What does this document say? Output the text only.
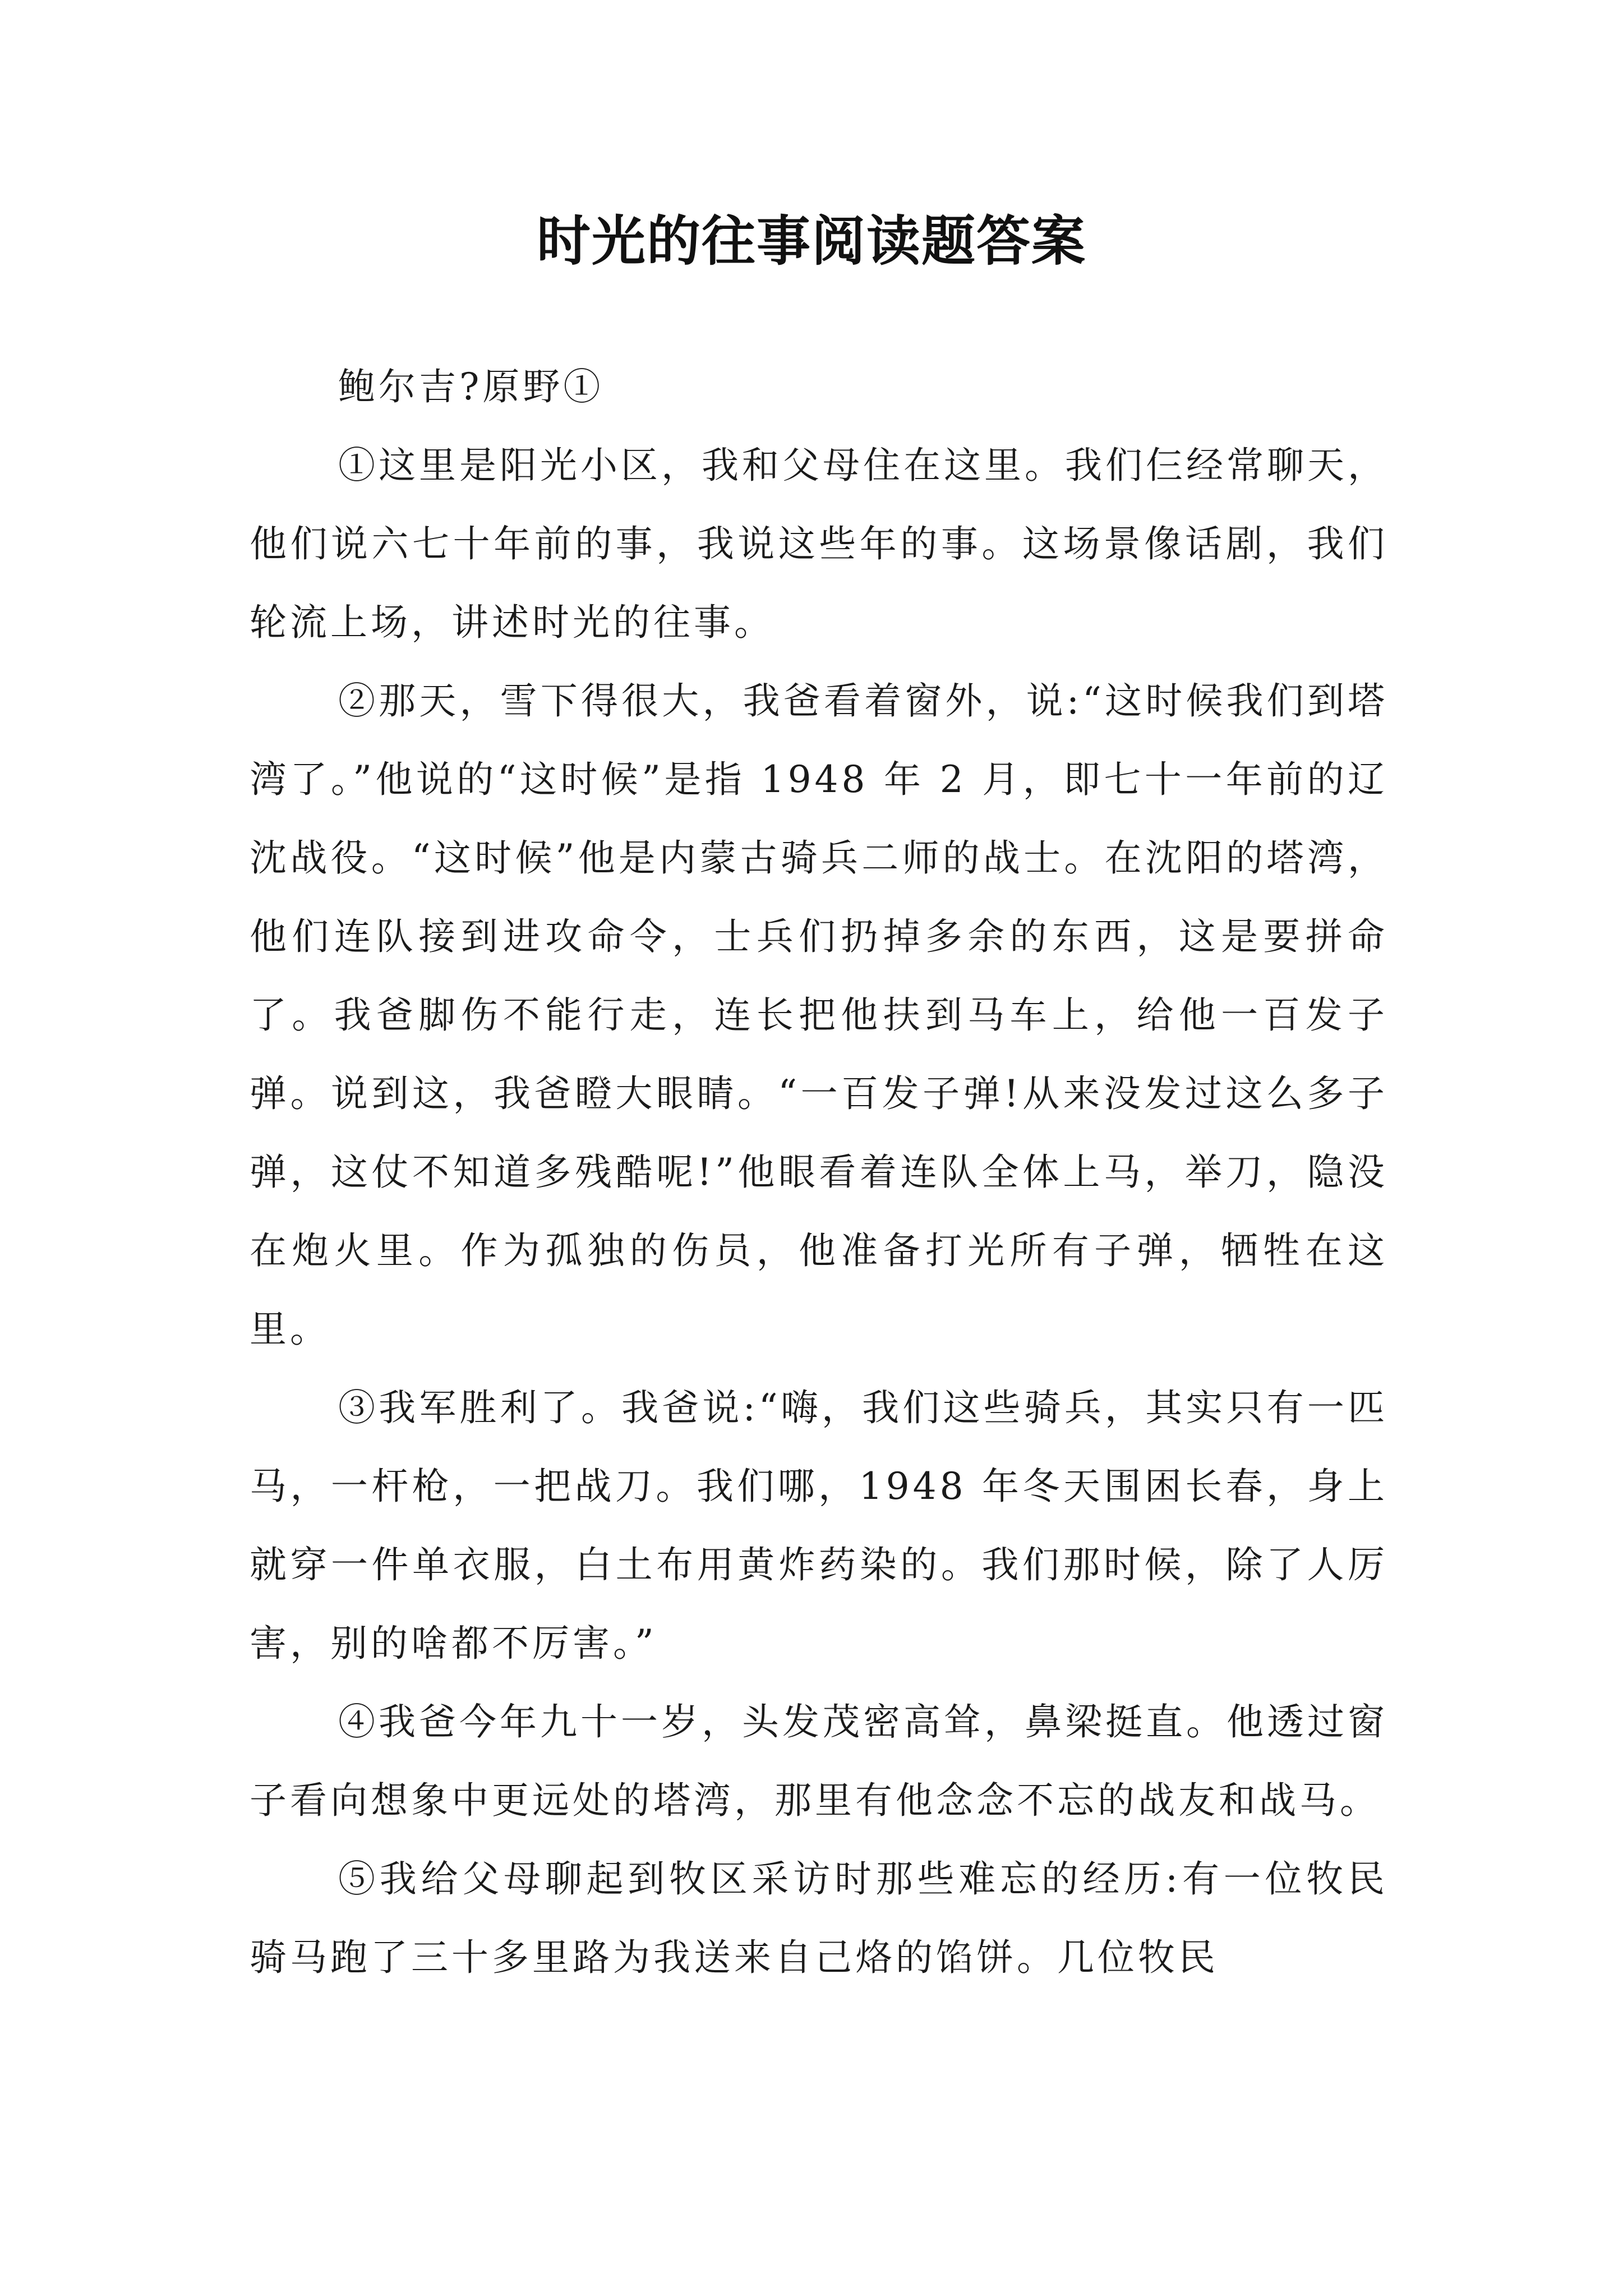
时光的往事阅读题答案

鲍尔吉?原野①

①这里是阳光小区，我和父母住在这里。我们仨经常聊天，他们说六七十年前的事，我说这些年的事。这场景像话剧，我们轮流上场，讲述时光的往事。

②那天，雪下得很大，我爸看着窗外，说:“这时候我们到塔湾了。”他说的“这时候”是指 1948 年 2 月，即七十一年前的辽沈战役。“这时候”他是内蒙古骑兵二师的战士。在沈阳的塔湾，他们连队接到进攻命令，士兵们扔掉多余的东西，这是要拼命了。我爸脚伤不能行走，连长把他扶到马车上，给他一百发子弹。说到这，我爸瞪大眼睛。“一百发子弹!从来没发过这么多子弹，这仗不知道多残酷呢!”他眼看着连队全体上马，举刀，隐没在炮火里。作为孤独的伤员，他准备打光所有子弹，牺牲在这里。

③我军胜利了。我爸说:“嗨，我们这些骑兵，其实只有一匹马，一杆枪，一把战刀。我们哪，1948 年冬天围困长春，身上就穿一件单衣服，白土布用黄炸药染的。我们那时候，除了人厉害，别的啥都不厉害。”

④我爸今年九十一岁，头发茂密高耸，鼻梁挺直。他透过窗子看向想象中更远处的塔湾，那里有他念念不忘的战友和战马。

⑤我给父母聊起到牧区采访时那些难忘的经历:有一位牧民骑马跑了三十多里路为我送来自己烙的馅饼。几位牧民
